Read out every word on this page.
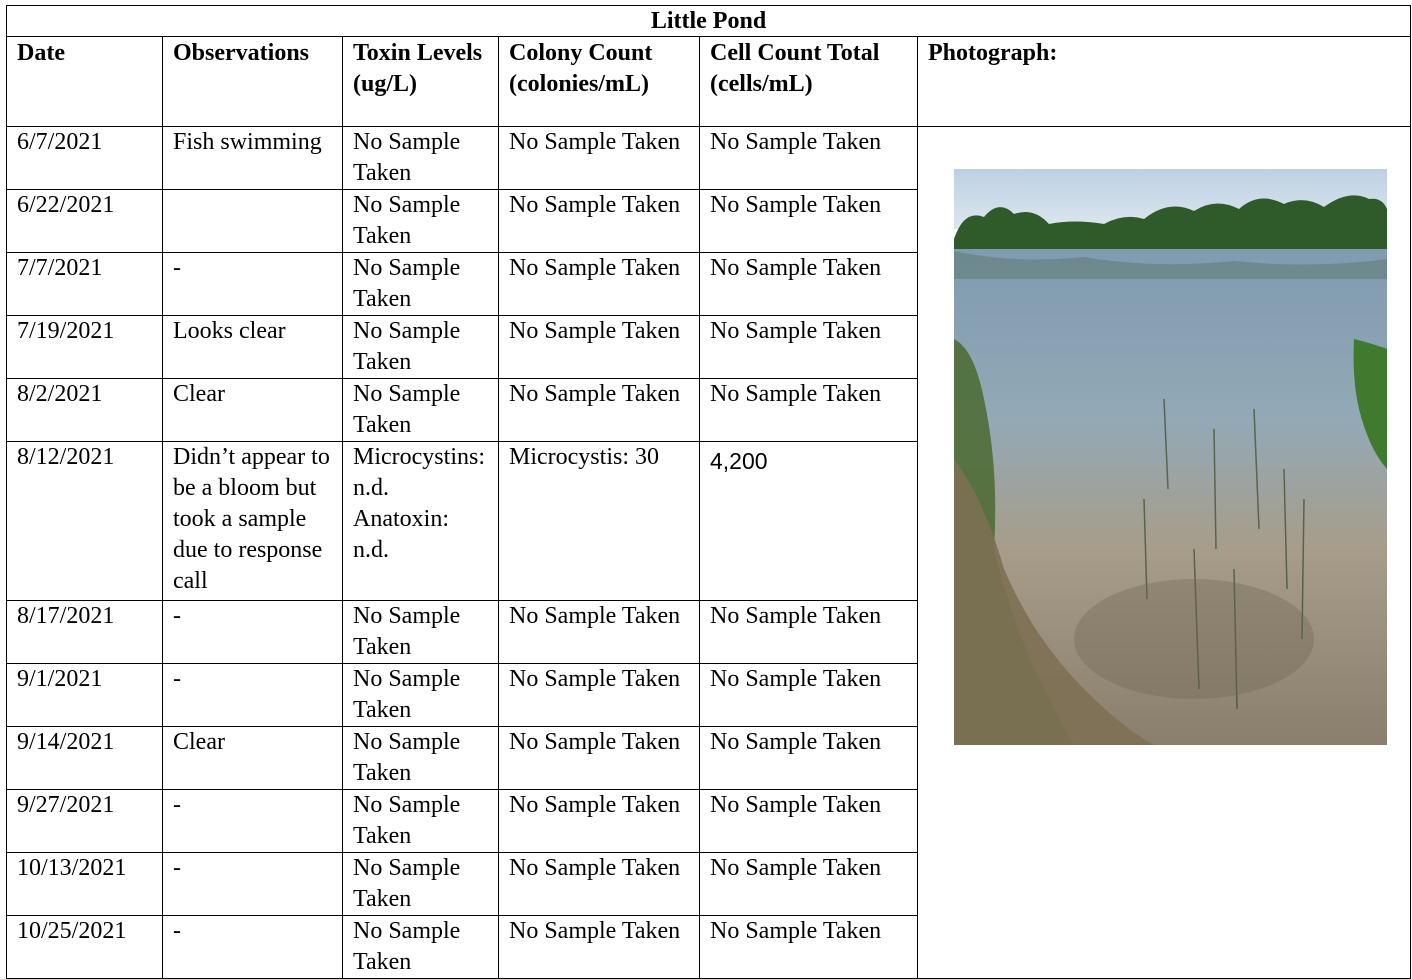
Little Pond					
Date	Observations	Toxin Levels (ug/L)	Colony Count (colonies/mL)	Cell Count Total (cells/mL)	Photograph:
6/7/2021	Fish swimming	No Sample Taken	No Sample Taken	No Sample Taken	

6/22/2021		No Sample Taken	No Sample Taken	No Sample Taken	
7/7/2021	-	No Sample Taken	No Sample Taken	No Sample Taken	
7/19/2021	Looks clear	No Sample Taken	No Sample Taken	No Sample Taken	
8/2/2021	Clear	No Sample Taken	No Sample Taken	No Sample Taken	
8/12/2021	Didn’t appear to be a bloom but took a sample due to response call	Microcystins: n.d. Anatoxin: n.d.	Microcystis: 30	4,200	
8/17/2021	-	No Sample Taken	No Sample Taken	No Sample Taken	
9/1/2021	-	No Sample Taken	No Sample Taken	No Sample Taken	
9/14/2021	Clear	No Sample Taken	No Sample Taken	No Sample Taken	
9/27/2021	-	No Sample Taken	No Sample Taken	No Sample Taken	
10/13/2021	-	No Sample Taken	No Sample Taken	No Sample Taken	
10/25/2021	-	No Sample Taken	No Sample Taken	No Sample Taken	
